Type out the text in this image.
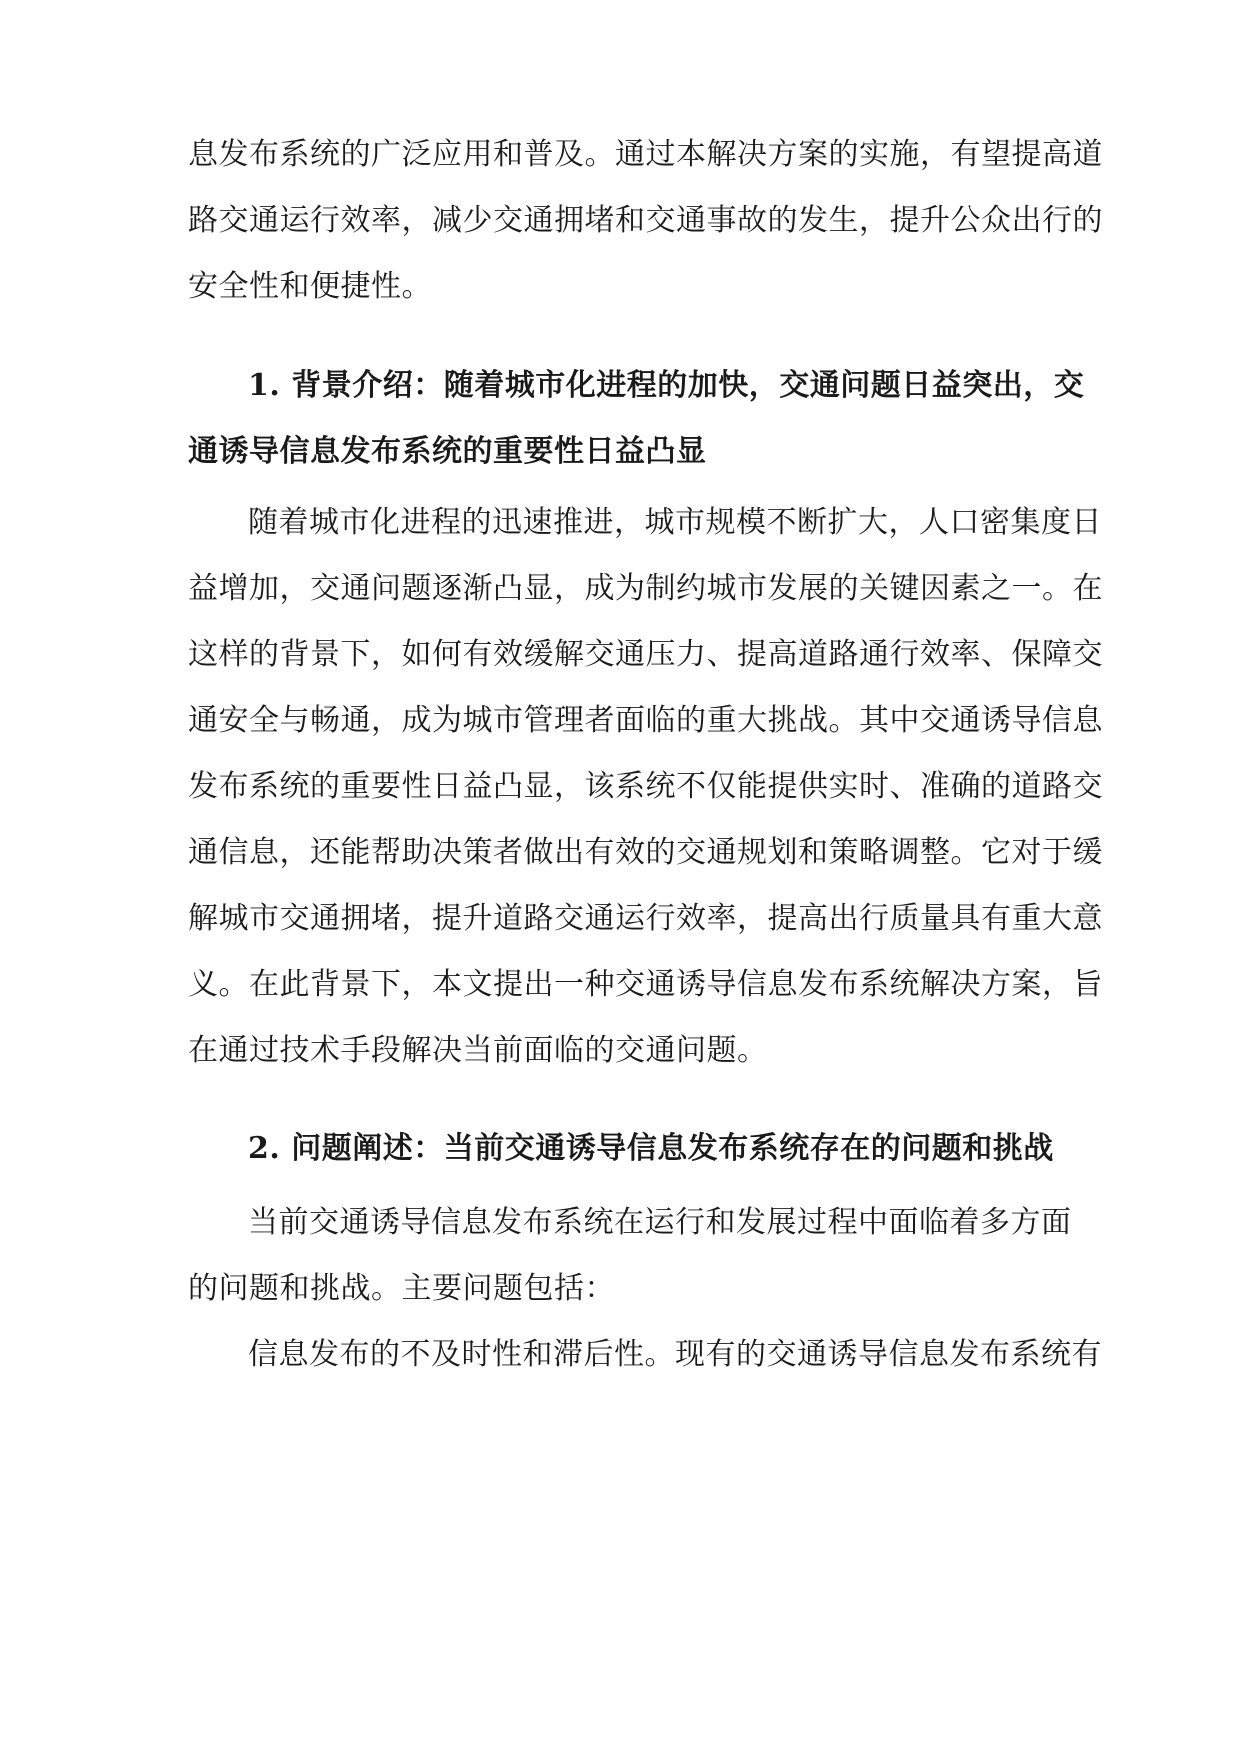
息发布系统的广泛应用和普及。通过本解决方案的实施，有望提高道
路交通运行效率，减少交通拥堵和交通事故的发生，提升公众出行的
安全性和便捷性。
1. 背景介绍：随着城市化进程的加快，交通问题日益突出，交
通诱导信息发布系统的重要性日益凸显
随着城市化进程的迅速推进，城市规模不断扩大，人口密集度日
益增加，交通问题逐渐凸显，成为制约城市发展的关键因素之一。在
这样的背景下，如何有效缓解交通压力、提高道路通行效率、保障交
通安全与畅通，成为城市管理者面临的重大挑战。其中交通诱导信息
发布系统的重要性日益凸显，该系统不仅能提供实时、准确的道路交
通信息，还能帮助决策者做出有效的交通规划和策略调整。它对于缓
解城市交通拥堵，提升道路交通运行效率，提高出行质量具有重大意
义。在此背景下，本文提出一种交通诱导信息发布系统解决方案，旨
在通过技术手段解决当前面临的交通问题。
2. 问题阐述：当前交通诱导信息发布系统存在的问题和挑战
当前交通诱导信息发布系统在运行和发展过程中面临着多方面
的问题和挑战。主要问题包括：
信息发布的不及时性和滞后性。现有的交通诱导信息发布系统有
